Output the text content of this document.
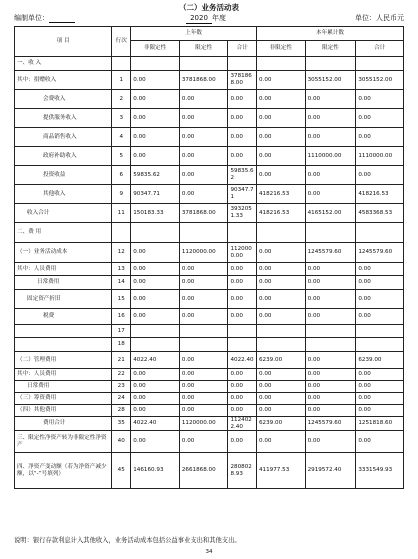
（二）业务活动表
编制单位：	2020 年度	单位：人民币元
项 目	行次	上年数			本年累计数		
		非限定性	限定性	合计	非限定性	限定性	合计
一、收 入							
其中：捐赠收入	1	0.00	3781868.00	3781868.00	0.00	3055152.00	3055152.00
会费收入	2	0.00	0.00	0.00	0.00	0.00	0.00
提供服务收入	3	0.00	0.00	0.00	0.00	0.00	0.00
商品销售收入	4	0.00	0.00	0.00	0.00	0.00	0.00
政府补助收入	5	0.00	0.00	0.00	0.00	1110000.00	1110000.00
投资收益	6	59835.62	0.00	59835.62	0.00	0.00	0.00
其他收入	9	90347.71	0.00	90347.71	418216.53	0.00	418216.53
收入合计	11	150183.33	3781868.00	3932051.33	418216.53	4165152.00	4583368.53
二、费 用							
（一）业务活动成本	12	0.00	1120000.00	1120000.00	0.00	1245579.60	1245579.60
其中：人员费用	13	0.00	0.00	0.00	0.00	0.00	0.00
日常费用	14	0.00	0.00	0.00	0.00	0.00	0.00
固定资产折旧	15	0.00	0.00	0.00	0.00	0.00	0.00
税费	16	0.00	0.00	0.00	0.00	0.00	0.00
	17						
	18						
（二）管理费用	21	4022.40	0.00	4022.40	6239.00	0.00	6239.00
其中：人员费用	22	0.00	0.00	0.00	0.00	0.00	0.00
日常费用	23	0.00	0.00	0.00	0.00	0.00	0.00
（三）筹资费用	24	0.00	0.00	0.00	0.00	0.00	0.00
（四）其他费用	28	0.00	0.00	0.00	0.00	0.00	0.00
费用合计	35	4022.40	1120000.00	1124022.40	6239.00	1245579.60	1251818.60
三、限定性净资产转为非限定性净资产	40	0.00	0.00	0.00	0.00	0.00	0.00
四、净资产变动额（若为净资产减少额，以“-”号填列）	45	146160.93	2661868.00	2808028.93	411977.53	2919572.40	3331549.93
说明：银行存款利息计入其他收入，业务活动成本包括公益事业支出和其他支出。
34
